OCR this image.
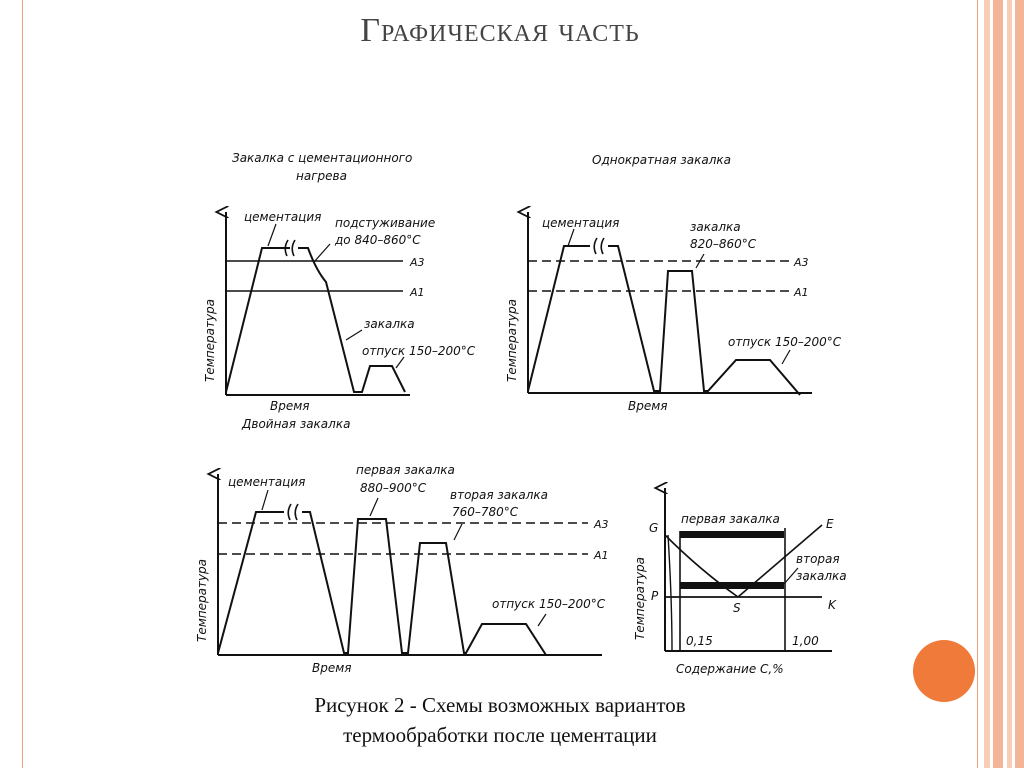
Графическая часть
Закалка с цементационного
нагрева
цементация подстуживание
до 840–860°С
A3
A1
закалка
отпуск 150–200°С
Температура
Время
Двойная закалка
Однократная закалка
цементация	закалка
820–860°С
A3
A1
отпуск 150–200°С
Температура
Время
цементация
первая закалка
880–900°С вторая закалка
760–780°С
A3
A1
отпуск 150–200°С
Температура
Время
G	E
P
S	K
первая закалка
вторая
закалка
0,15	1,00
Температура
Содержание С,%
Рисунок 2 - Схемы возможных вариантов
термообработки после цементации
